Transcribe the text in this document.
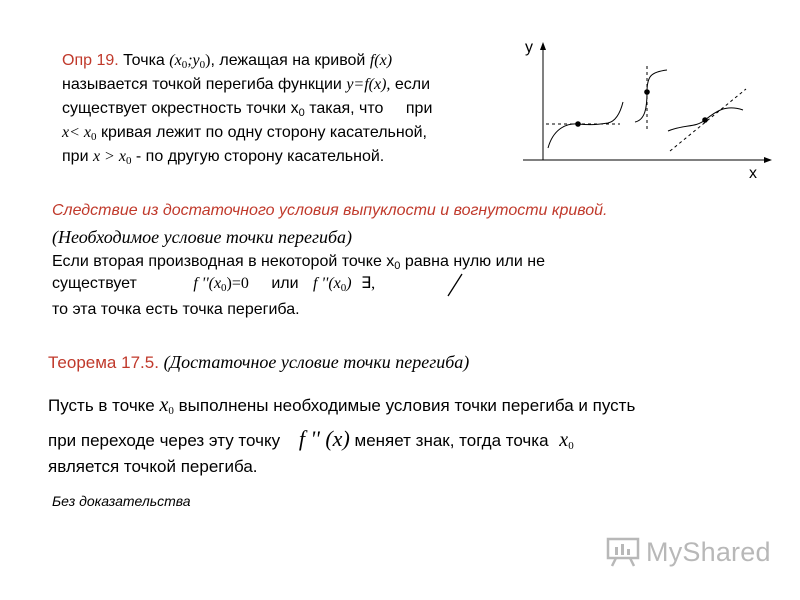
Опр 19. Точка $(x_0;y_0)$, лежащая на кривой f(x)
называется точкой перегиба функции y=f(x), если
существует окрестность точки $х_0$ такая, что при
$x< x_0$ кривая лежит по одну сторону касательной,
при $x > x_0$ - по другую сторону касательной.
y
x
Следствие из достаточного условия выпуклости и вогнутости кривой.
(Необходимое условие точки перегиба)
Если вторая производная в некоторой точке $х_0$ равна нулю или не
существует	f ''$(x_0)=0$ или f ''$(x_0)$ ∃,
то эта точка есть точка перегиба.
Теорема 17.5. (Достаточное условие точки перегиба)
Пусть в точке $x_0$ выполнены необходимые условия точки перегиба и пусть
при переходе через эту точку f '' (x) меняет знак, тогда точка $x_0$
является точкой перегиба.
Без доказательства
MyShared
